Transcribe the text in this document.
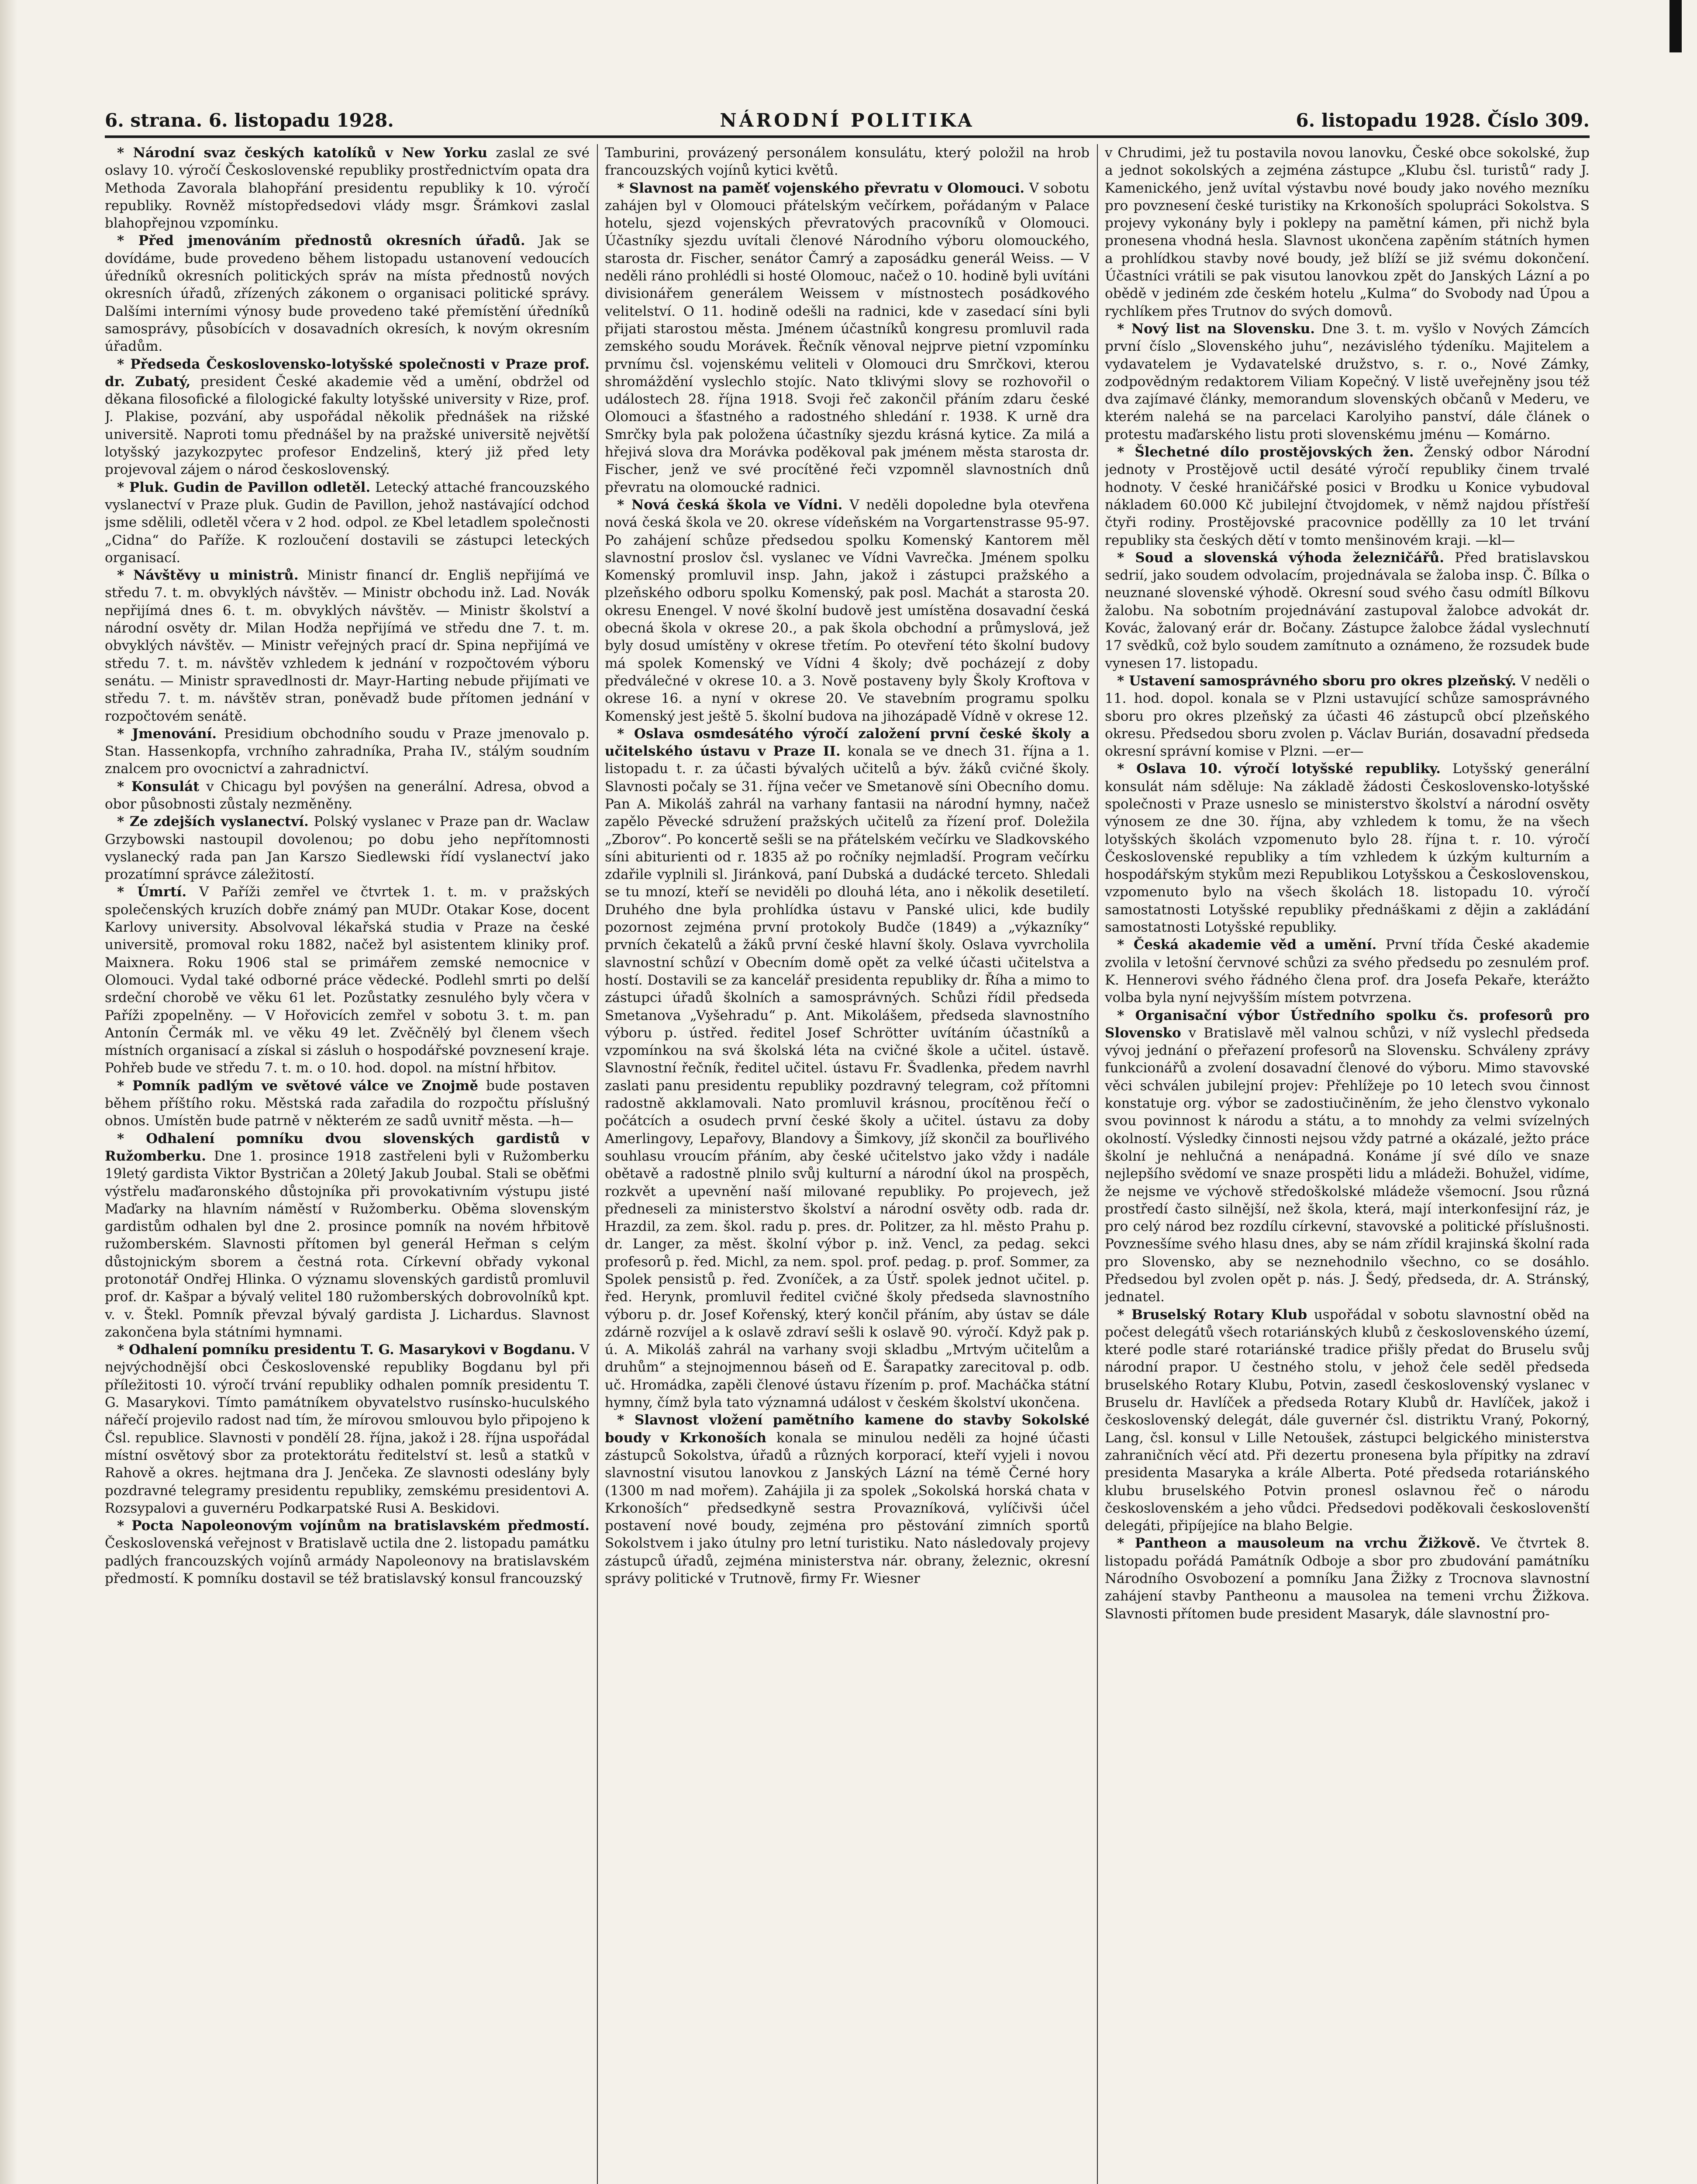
6. strana. 6. listopadu 1928.	NÁRODNÍ POLITIKA	6. listopadu 1928. Číslo 309.

* Národní svaz českých katolíků v New Yorku zaslal ze své oslavy 10. výročí Československé republiky prostřednictvím opata dra Methoda Zavorala blahopřání presidentu republiky k 10. výročí republiky. Rovněž místopředsedovi vlády msgr. Šrámkovi zaslal blahopřejnou vzpomínku.

* Před jmenováním přednostů okresních úřadů. Jak se dovídáme, bude provedeno během listopadu ustanovení vedoucích úředníků okresních politických správ na místa přednostů nových okresních úřadů, zřízených zákonem o organisaci politické správy. Dalšími interními výnosy bude provedeno také přemístění úředníků samosprávy, působících v dosavadních okresích, k novým okresním úřadům.

* Předseda Československo-lotyšské společnosti v Praze prof. dr. Zubatý, president České akademie věd a umění, obdržel od děkana filosofické a filologické fakulty lotyšské university v Rize, prof. J. Plakise, pozvání, aby uspořádal několik přednášek na rižské universitě. Naproti tomu přednášel by na pražské universitě největší lotyšský jazykozpytec profesor Endzelinš, který již před lety projevoval zájem o národ československý.

* Pluk. Gudin de Pavillon odletěl. Letecký attaché francouzského vyslanectví v Praze pluk. Gudin de Pavillon, jehož nastávající odchod jsme sdělili, odletěl včera v 2 hod. odpol. ze Kbel letadlem společnosti „Cidna“ do Paříže. K rozloučení dostavili se zástupci leteckých organisací.

* Návštěvy u ministrů. Ministr financí dr. Engliš nepřijímá ve středu 7. t. m. obvyklých návštěv. — Ministr obchodu inž. Lad. Novák nepřijímá dnes 6. t. m. obvyklých návštěv. — Ministr školství a národní osvěty dr. Milan Hodža nepřijímá ve středu dne 7. t. m. obvyklých návštěv. — Ministr veřejných prací dr. Spina nepřijímá ve středu 7. t. m. návštěv vzhledem k jednání v rozpočtovém výboru senátu. — Ministr spravedlnosti dr. Mayr-Harting nebude přijímati ve středu 7. t. m. návštěv stran, poněvadž bude přítomen jednání v rozpočtovém senátě.

* Jmenování. Presidium obchodního soudu v Praze jmenovalo p. Stan. Hassenkopfa, vrchního zahradníka, Praha IV., stálým soudním znalcem pro ovocnictví a zahradnictví.

* Konsulát v Chicagu byl povýšen na generální. Adresa, obvod a obor působnosti zůstaly nezměněny.

* Ze zdejších vyslanectví. Polský vyslanec v Praze pan dr. Waclaw Grzybowski nastoupil dovolenou; po dobu jeho nepřítomnosti vyslanecký rada pan Jan Karszo Siedlewski řídí vyslanectví jako prozatímní správce záležitostí.

* Úmrtí. V Paříži zemřel ve čtvrtek 1. t. m. v pražských společenských kruzích dobře známý pan MUDr. Otakar Kose, docent Karlovy university. Absolvoval lékařská studia v Praze na české universitě, promoval roku 1882, načež byl asistentem kliniky prof. Maixnera. Roku 1906 stal se primářem zemské nemocnice v Olomouci. Vydal také odborné práce vědecké. Podlehl smrti po delší srdeční chorobě ve věku 61 let. Pozůstatky zesnulého byly včera v Paříži zpopelněny. — V Hořovicích zemřel v sobotu 3. t. m. pan Antonín Čermák ml. ve věku 49 let. Zvěčnělý byl členem všech místních organisací a získal si zásluh o hospodářské povznesení kraje. Pohřeb bude ve středu 7. t. m. o 10. hod. dopol. na místní hřbitov.

* Pomník padlým ve světové válce ve Znojmě bude postaven během příštího roku. Městská rada zařadila do rozpočtu příslušný obnos. Umístěn bude patrně v některém ze sadů uvnitř města. —h—

* Odhalení pomníku dvou slovenských gardistů v Ružomberku. Dne 1. prosince 1918 zastřeleni byli v Ružomberku 19letý gardista Viktor Bystričan a 20letý Jakub Joubal. Stali se oběťmi výstřelu maďaronského důstojníka při provokativním výstupu jisté Maďarky na hlavním náměstí v Ružomberku. Oběma slovenským gardistům odhalen byl dne 2. prosince pomník na novém hřbitově ružomberském. Slavnosti přítomen byl generál Heřman s celým důstojnickým sborem a čestná rota. Církevní obřady vykonal protonotář Ondřej Hlinka. O významu slovenských gardistů promluvil prof. dr. Kašpar a bývalý velitel 180 ružomberských dobrovolníků kpt. v. v. Štekl. Pomník převzal bývalý gardista J. Lichardus. Slavnost zakončena byla státními hymnami.

* Odhalení pomníku presidentu T. G. Masarykovi v Bogdanu. V nejvýchodnější obci Československé republiky Bogdanu byl při příležitosti 10. výročí trvání republiky odhalen pomník presidentu T. G. Masarykovi. Tímto památníkem obyvatelstvo rusínsko-huculského nářečí projevilo radost nad tím, že mírovou smlouvou bylo připojeno k Čsl. republice. Slavnosti v pondělí 28. října, jakož i 28. října uspořádal místní osvětový sbor za protektorátu ředitelství st. lesů a statků v Rahově a okres. hejtmana dra J. Jenčeka. Ze slavnosti odeslány byly pozdravné telegramy presidentu republiky, zemskému presidentovi A. Rozsypalovi a guvernéru Podkarpatské Rusi A. Beskidovi.

* Pocta Napoleonovým vojínům na bratislavském předmostí. Československá veřejnost v Bratislavě uctila dne 2. listopadu památku padlých francouzských vojínů armády Napoleonovy na bratislavském předmostí. K pomníku dostavil se též bratislavský konsul francouzský

Tamburini, provázený personálem konsulátu, který položil na hrob francouzských vojínů kytici květů.

* Slavnost na paměť vojenského převratu v Olomouci. V sobotu zahájen byl v Olomouci přátelským večírkem, pořádaným v Palace hotelu, sjezd vojenských převratových pracovníků v Olomouci. Účastníky sjezdu uvítali členové Národního výboru olomouckého, starosta dr. Fischer, senátor Čamrý a zaposádku generál Weiss. — V neděli ráno prohlédli si hosté Olomouc, načež o 10. hodině byli uvítáni divisionářem generálem Weissem v místnostech posádkového velitelství. O 11. hodině odešli na radnici, kde v zasedací síni byli přijati starostou města. Jménem účastníků kongresu promluvil rada zemského soudu Morávek. Řečník věnoval nejprve pietní vzpomínku prvnímu čsl. vojenskému veliteli v Olomouci dru Smrčkovi, kterou shromáždění vyslechlo stojíc. Nato tklivými slovy se rozhovořil o událostech 28. října 1918. Svoji řeč zakončil přáním zdaru české Olomouci a šťastného a radostného shledání r. 1938. K urně dra Smrčky byla pak položena účastníky sjezdu krásná kytice. Za milá a hřejivá slova dra Morávka poděkoval pak jménem města starosta dr. Fischer, jenž ve své procítěné řeči vzpomněl slavnostních dnů převratu na olomoucké radnici.

* Nová česká škola ve Vídni. V neděli dopoledne byla otevřena nová česká škola ve 20. okrese vídeňském na Vorgartenstrasse 95-97. Po zahájení schůze předsedou spolku Komenský Kantorem měl slavnostní proslov čsl. vyslanec ve Vídni Vavrečka. Jménem spolku Komenský promluvil insp. Jahn, jakož i zástupci pražského a plzeňského odboru spolku Komenský, pak posl. Machát a starosta 20. okresu Enengel. V nové školní budově jest umístěna dosavadní česká obecná škola v okrese 20., a pak škola obchodní a průmyslová, jež byly dosud umístěny v okrese třetím. Po otevření této školní budovy má spolek Komenský ve Vídni 4 školy; dvě pocházejí z doby předválečné v okrese 10. a 3. Nově postaveny byly Školy Kroftova v okrese 16. a nyní v okrese 20. Ve stavebním programu spolku Komenský jest ještě 5. školní budova na jihozápadě Vídně v okrese 12.

* Oslava osmdesátého výročí založení první české školy a učitelského ústavu v Praze II. konala se ve dnech 31. října a 1. listopadu t. r. za účasti bývalých učitelů a býv. žáků cvičné školy. Slavnosti počaly se 31. října večer ve Smetanově síni Obecního domu. Pan A. Mikoláš zahrál na varhany fantasii na národní hymny, načež zapělo Pěvecké sdružení pražských učitelů za řízení prof. Doležila „Zborov“. Po koncertě sešli se na přátelském večírku ve Sladkovského síni abiturienti od r. 1835 až po ročníky nejmladší. Program večírku zdařile vyplnili sl. Jiránková, paní Dubská a dudácké terceto. Shledali se tu mnozí, kteří se neviděli po dlouhá léta, ano i několik desetiletí. Druhého dne byla prohlídka ústavu v Panské ulici, kde budily pozornost zejména první protokoly Budče (1849) a „výkazníky“ prvních čekatelů a žáků první české hlavní školy. Oslava vyvrcholila slavnostní schůzí v Obecním domě opět za velké účasti učitelstva a hostí. Dostavili se za kancelář presidenta republiky dr. Říha a mimo to zástupci úřadů školních a samosprávných. Schůzi řídil předseda Smetanova „Vyšehradu“ p. Ant. Mikolášem, předseda slavnostního výboru p. ústřed. ředitel Josef Schrötter uvítáním účastníků a vzpomínkou na svá školská léta na cvičné škole a učitel. ústavě. Slavnostní řečník, ředitel učitel. ústavu Fr. Švadlenka, předem navrhl zaslati panu presidentu republiky pozdravný telegram, což přítomni radostně akklamovali. Nato promluvil krásnou, procítěnou řečí o počátcích a osudech první české školy a učitel. ústavu za doby Amerlingovy, Lepařovy, Blandovy a Šimkovy, jíž skončil za bouřlivého souhlasu vroucím přáním, aby české učitelstvo jako vždy i nadále obětavě a radostně plnilo svůj kulturní a národní úkol na prospěch, rozkvět a upevnění naší milované republiky. Po projevech, jež předneseli za ministerstvo školství a národní osvěty odb. rada dr. Hrazdil, za zem. škol. radu p. pres. dr. Politzer, za hl. město Prahu p. dr. Langer, za měst. školní výbor p. inž. Vencl, za pedag. sekci profesorů p. řed. Michl, za nem. spol. prof. pedag. p. prof. Sommer, za Spolek pensistů p. řed. Zvoníček, a za Ústř. spolek jednot učitel. p. řed. Herynk, promluvil ředitel cvičné školy předseda slavnostního výboru p. dr. Josef Kořenský, který končil přáním, aby ústav se dále zdárně rozvíjel a k oslavě zdraví sešli k oslavě 90. výročí. Když pak p. ú. A. Mikoláš zahrál na varhany svoji skladbu „Mrtvým učitelům a druhům“ a stejnojmennou báseň od E. Šarapatky zarecitoval p. odb. uč. Hromádka, zapěli členové ústavu řízením p. prof. Macháčka státní hymny, čímž byla tato významná událost v českém školství ukončena.

* Slavnost vložení pamětního kamene do stavby Sokolské boudy v Krkonoších konala se minulou neděli za hojné účasti zástupců Sokolstva, úřadů a různých korporací, kteří vyjeli i novou slavnostní visutou lanovkou z Janských Lázní na témě Černé hory (1300 m nad mořem). Zahájila ji za spolek „Sokolská horská chata v Krkonoších“ předsedkyně sestra Provazníková, vylíčivši účel postavení nové boudy, zejména pro pěstování zimních sportů Sokolstvem i jako útulny pro letní turistiku. Nato následovaly projevy zástupců úřadů, zejména ministerstva nár. obrany, železnic, okresní správy politické v Trutnově, firmy Fr. Wiesner

v Chrudimi, jež tu postavila novou lanovku, České obce sokolské, žup a jednot sokolských a zejména zástupce „Klubu čsl. turistů“ rady J. Kamenického, jenž uvítal výstavbu nové boudy jako nového mezníku pro povznesení české turistiky na Krkonoších spolupráci Sokolstva. S projevy vykonány byly i poklepy na pamětní kámen, při nichž byla pronesena vhodná hesla. Slavnost ukončena zapěním státních hymen a prohlídkou stavby nové boudy, jež blíží se již svému dokončení. Účastníci vrátili se pak visutou lanovkou zpět do Janských Lázní a po obědě v jediném zde českém hotelu „Kulma“ do Svobody nad Úpou a rychlíkem přes Trutnov do svých domovů.

* Nový list na Slovensku. Dne 3. t. m. vyšlo v Nových Zámcích první číslo „Slovenského juhu“, nezávislého týdeníku. Majitelem a vydavatelem je Vydavatelské družstvo, s. r. o., Nové Zámky, zodpovědným redaktorem Viliam Kopečný. V listě uveřejněny jsou též dva zajímavé články, memorandum slovenských občanů v Mederu, ve kterém nalehá se na parcelaci Karolyiho panství, dále článek o protestu maďarského listu proti slovenskému jménu — Komárno.

* Šlechetné dílo prostějovských žen. Ženský odbor Národní jednoty v Prostějově uctil desáté výročí republiky činem trvalé hodnoty. V české hraničářské posici v Brodku u Konice vybudoval nákladem 60.000 Kč jubilejní čtvojdomek, v němž najdou přístřeší čtyři rodiny. Prostějovské pracovnice poděllly za 10 let trvání republiky sta českých dětí v tomto menšinovém kraji. —kl—

* Soud a slovenská výhoda železničářů. Před bratislavskou sedrií, jako soudem odvolacím, projednávala se žaloba insp. Č. Bílka o neuznané slovenské výhodě. Okresní soud svého času odmítl Bílkovu žalobu. Na sobotním projednávání zastupoval žalobce advokát dr. Kovác, žalovaný erár dr. Bočany. Zástupce žalobce žádal vyslechnutí 17 svědků, což bylo soudem zamítnuto a oznámeno, že rozsudek bude vynesen 17. listopadu.

* Ustavení samosprávného sboru pro okres plzeňský. V neděli o 11. hod. dopol. konala se v Plzni ustavující schůze samosprávného sboru pro okres plzeňský za účasti 46 zástupců obcí plzeňského okresu. Předsedou sboru zvolen p. Václav Burián, dosavadní předseda okresní správní komise v Plzni. —er—

* Oslava 10. výročí lotyšské republiky. Lotyšský generální konsulát nám sděluje: Na základě žádosti Československo-lotyšské společnosti v Praze usneslo se ministerstvo školství a národní osvěty výnosem ze dne 30. října, aby vzhledem k tomu, že na všech lotyšských školách vzpomenuto bylo 28. října t. r. 10. výročí Československé republiky a tím vzhledem k úzkým kulturním a hospodářským stykům mezi Republikou Lotyšskou a Československou, vzpomenuto bylo na všech školách 18. listopadu 10. výročí samostatnosti Lotyšské republiky přednáškami z dějin a zakládání samostatnosti Lotyšské republiky.

* Česká akademie věd a umění. První třída České akademie zvolila v letošní červnové schůzi za svého předsedu po zesnulém prof. K. Hennerovi svého řádného člena prof. dra Josefa Pekaře, kterážto volba byla nyní nejvyšším místem potvrzena.

* Organisační výbor Ústředního spolku čs. profesorů pro Slovensko v Bratislavě měl valnou schůzi, v níž vyslechl předseda vývoj jednání o přeřazení profesorů na Slovensku. Schváleny zprávy funkcionářů a zvolení dosavadní členové do výboru. Mimo stavovské věci schválen jubilejní projev: Přehlížeje po 10 letech svou činnost konstatuje org. výbor se zadostiučiněním, že jeho členstvo vykonalo svou povinnost k národu a státu, a to mnohdy za velmi svízelných okolností. Výsledky činnosti nejsou vždy patrné a okázalé, ježto práce školní je nehlučná a nenápadná. Konáme jí své dílo ve snaze nejlepšího svědomí ve snaze prospěti lidu a mládeži. Bohužel, vidíme, že nejsme ve výchově středoškolské mládeže všemocní. Jsou různá prostředí často silnější, než škola, která, mají interkonfesijní ráz, je pro celý národ bez rozdílu církevní, stavovské a politické příslušnosti. Povznesšíme svého hlasu dnes, aby se nám zřídil krajinská školní rada pro Slovensko, aby se neznehodnilo všechno, co se dosáhlo. Předsedou byl zvolen opět p. nás. J. Šedý, předseda, dr. A. Stránský, jednatel.

* Bruselský Rotary Klub uspořádal v sobotu slavnostní oběd na počest delegátů všech rotariánských klubů z československého území, které podle staré rotariánské tradice přišly předat do Bruselu svůj národní prapor. U čestného stolu, v jehož čele seděl předseda bruselského Rotary Klubu, Potvin, zasedl československý vyslanec v Bruselu dr. Havlíček a předseda Rotary Klubů dr. Havlíček, jakož i československý delegát, dále guvernér čsl. distriktu Vraný, Pokorný, Lang, čsl. konsul v Lille Netoušek, zástupci belgického ministerstva zahraničních věcí atd. Při dezertu pronesena byla přípitky na zdraví presidenta Masaryka a krále Alberta. Poté předseda rotariánského klubu bruselského Potvin pronesl oslavnou řeč o národu československém a jeho vůdci. Předsedovi poděkovali českoslovenští delegáti, připíjejíce na blaho Belgie.

* Pantheon a mausoleum na vrchu Žižkově. Ve čtvrtek 8. listopadu pořádá Památník Odboje a sbor pro zbudování památníku Národního Osvobození a pomníku Jana Žižky z Trocnova slavnostní zahájení stavby Pantheonu a mausolea na temeni vrchu Žižkova. Slavnosti přítomen bude president Masaryk, dále slavnostní pro-
